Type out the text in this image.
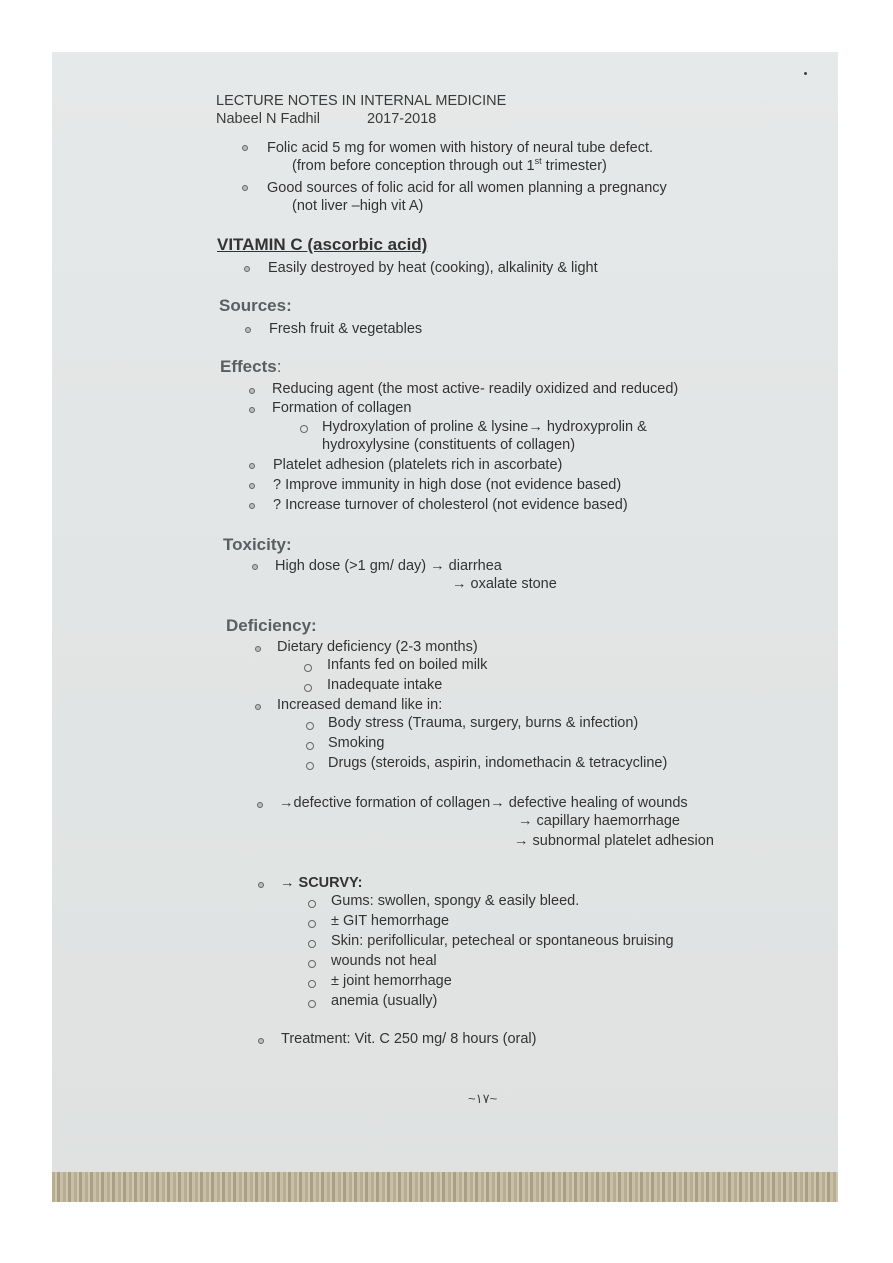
LECTURE NOTES IN INTERNAL MEDICINE
Nabeel N Fadhil	2017-2018
Folic acid 5 mg for women with history of neural tube defect.
(from before conception through out 1st trimester)
Good sources of folic acid for all women planning a pregnancy
(not liver –high vit A)
VITAMIN C (ascorbic acid)
Easily destroyed by heat (cooking), alkalinity & light
Sources:
Fresh fruit & vegetables
Effects:
Reducing agent (the most active- readily oxidized and reduced)
Formation of collagen
Hydroxylation of proline & lysine→ hydroxyprolin &
hydroxylysine (constituents of collagen)
Platelet adhesion (platelets rich in ascorbate)
? Improve immunity in high dose (not evidence based)
? Increase turnover of cholesterol (not evidence based)
Toxicity:
High dose (>1 gm/ day) → diarrhea
→ oxalate stone
Deficiency:
Dietary deficiency (2-3 months)
Infants fed on boiled milk
Inadequate intake
Increased demand like in:
Body stress (Trauma, surgery, burns & infection)
Smoking
Drugs (steroids, aspirin, indomethacin & tetracycline)
→defective formation of collagen→ defective healing of wounds
→ capillary haemorrhage
→ subnormal platelet adhesion
→ SCURVY:
Gums: swollen, spongy & easily bleed.
± GIT hemorrhage
Skin: perifollicular, petecheal or spontaneous bruising
wounds not heal
± joint hemorrhage
anemia (usually)
Treatment: Vit. C 250 mg/ 8 hours (oral)
~١٧~
